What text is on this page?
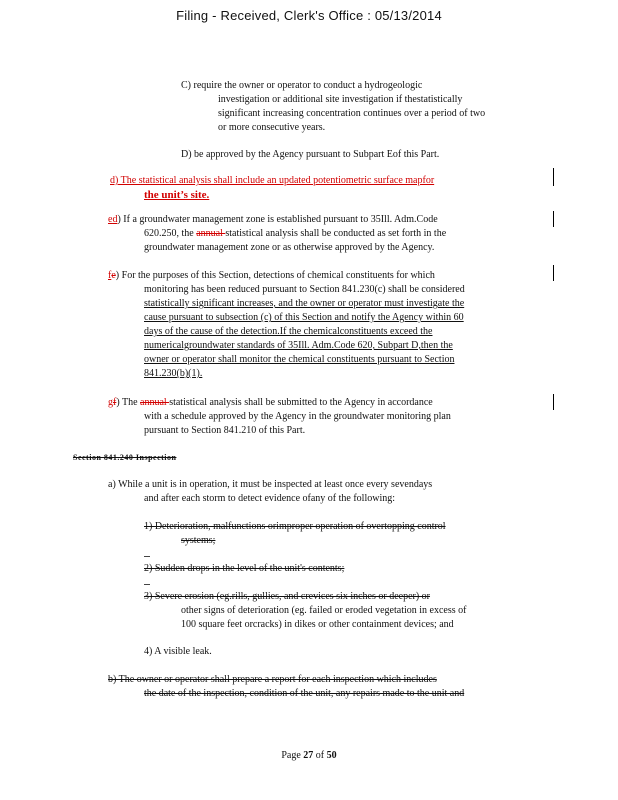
Filing - Received, Clerk's Office : 05/13/2014
C) require the owner or operator to conduct a hydrogeologic
investigation or additional site investigation if thestatistically
significant increasing concentration continues over a period of two
or more consecutive years.
D) be approved by the Agency pursuant to Subpart Eof this Part.
d) The statistical analysis shall include an updated potentiometric surface mapfor
the unit’s site.
ed) If a groundwater management zone is established pursuant to 35Ill. Adm.Code
620.250, the annual statistical analysis shall be conducted as set forth in the
groundwater management zone or as otherwise approved by the Agency.
fe) For the purposes of this Section, detections of chemical constituents for which
monitoring has been reduced pursuant to Section 841.230(c) shall be considered
statistically significant increases, and the owner or operator must investigate the
cause pursuant to subsection (c) of this Section and notify the Agency within 60
days of the cause of the detection.If the chemicalconstituents exceed the
numericalgroundwater standards of 35Ill. Adm.Code 620, Subpart D,then the
owner or operator shall monitor the chemical constituents pursuant to Section
841.230(b)(1).
gf) The annual statistical analysis shall be submitted to the Agency in accordance
with a schedule approved by the Agency in the groundwater monitoring plan
pursuant to Section 841.210 of this Part.
Section 841.240 Inspection
a) While a unit is in operation, it must be inspected at least once every sevendays
and after each storm to detect evidence ofany of the following:
1) Deterioration, malfunctions orimproper operation of overtopping control
systems;
2) Sudden drops in the level of the unit's contents;
3) Severe erosion (eg.rills, gullies, and crevices six inches or deeper) or
other signs of deterioration (eg. failed or eroded vegetation in excess of
100 square feet orcracks) in dikes or other containment devices; and
4) A visible leak.
b) The owner or operator shall prepare a report for each inspection which includes
the date of the inspection, condition of the unit, any repairs made to the unit and
Page 27 of 50
